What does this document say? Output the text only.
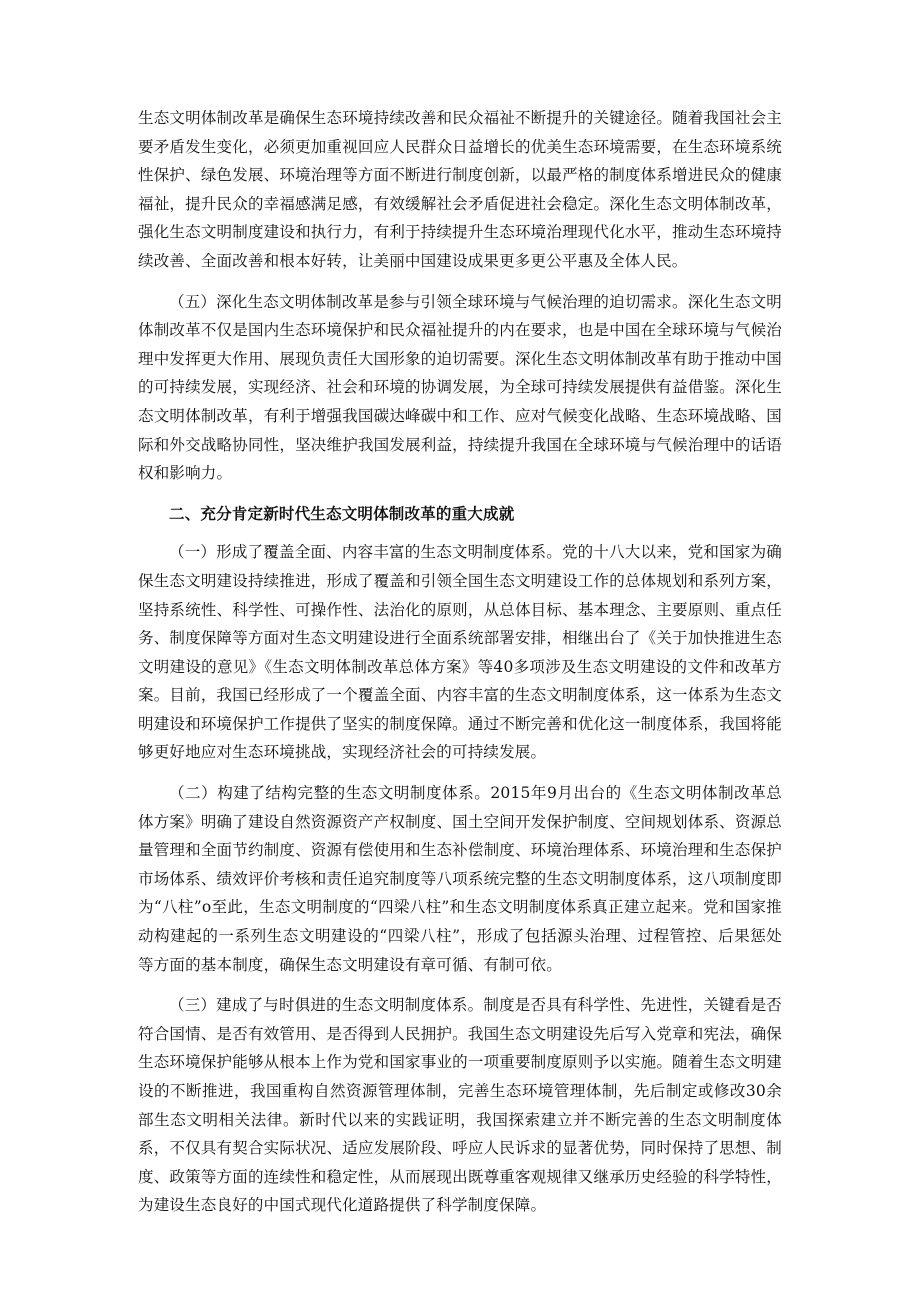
生态文明体制改革是确保生态环境持续改善和民众福祉不断提升的关键途径。随着我国社会主要矛盾发生变化，必须更加重视回应人民群众日益增长的优美生态环境需要，在生态环境系统性保护、绿色发展、环境治理等方面不断进行制度创新，以最严格的制度体系增进民众的健康福祉，提升民众的幸福感满足感，有效缓解社会矛盾促进社会稳定。深化生态文明体制改革，强化生态文明制度建设和执行力，有利于持续提升生态环境治理现代化水平，推动生态环境持续改善、全面改善和根本好转，让美丽中国建设成果更多更公平惠及全体人民。

（五）深化生态文明体制改革是参与引领全球环境与气候治理的迫切需求。深化生态文明体制改革不仅是国内生态环境保护和民众福祉提升的内在要求，也是中国在全球环境与气候治理中发挥更大作用、展现负责任大国形象的迫切需要。深化生态文明体制改革有助于推动中国的可持续发展，实现经济、社会和环境的协调发展，为全球可持续发展提供有益借鉴。深化生态文明体制改革，有利于增强我国碳达峰碳中和工作、应对气候变化战略、生态环境战略、国际和外交战略协同性，坚决维护我国发展利益，持续提升我国在全球环境与气候治理中的话语权和影响力。

二、充分肯定新时代生态文明体制改革的重大成就

（一）形成了覆盖全面、内容丰富的生态文明制度体系。党的十八大以来，党和国家为确保生态文明建设持续推进，形成了覆盖和引领全国生态文明建设工作的总体规划和系列方案，坚持系统性、科学性、可操作性、法治化的原则，从总体目标、基本理念、主要原则、重点任务、制度保障等方面对生态文明建设进行全面系统部署安排，相继出台了《关于加快推进生态文明建设的意见》《生态文明体制改革总体方案》等40多项涉及生态文明建设的文件和改革方案。目前，我国已经形成了一个覆盖全面、内容丰富的生态文明制度体系，这一体系为生态文明建设和环境保护工作提供了坚实的制度保障。通过不断完善和优化这一制度体系，我国将能够更好地应对生态环境挑战，实现经济社会的可持续发展。

（二）构建了结构完整的生态文明制度体系。2015年9月出台的《生态文明体制改革总体方案》明确了建设自然资源资产产权制度、国土空间开发保护制度、空间规划体系、资源总量管理和全面节约制度、资源有偿使用和生态补偿制度、环境治理体系、环境治理和生态保护市场体系、绩效评价考核和责任追究制度等八项系统完整的生态文明制度体系，这八项制度即为“八柱”o至此，生态文明制度的“四梁八柱”和生态文明制度体系真正建立起来。党和国家推动构建起的一系列生态文明建设的“四梁八柱”，形成了包括源头治理、过程管控、后果惩处等方面的基本制度，确保生态文明建设有章可循、有制可依。

（三）建成了与时俱进的生态文明制度体系。制度是否具有科学性、先进性，关键看是否符合国情、是否有效管用、是否得到人民拥护。我国生态文明建设先后写入党章和宪法，确保生态环境保护能够从根本上作为党和国家事业的一项重要制度原则予以实施。随着生态文明建设的不断推进，我国重构自然资源管理体制，完善生态环境管理体制，先后制定或修改30余部生态文明相关法律。新时代以来的实践证明，我国探索建立并不断完善的生态文明制度体系，不仅具有契合实际状况、适应发展阶段、呼应人民诉求的显著优势，同时保持了思想、制度、政策等方面的连续性和稳定性，从而展现出既尊重客观规律又继承历史经验的科学特性，为建设生态良好的中国式现代化道路提供了科学制度保障。
